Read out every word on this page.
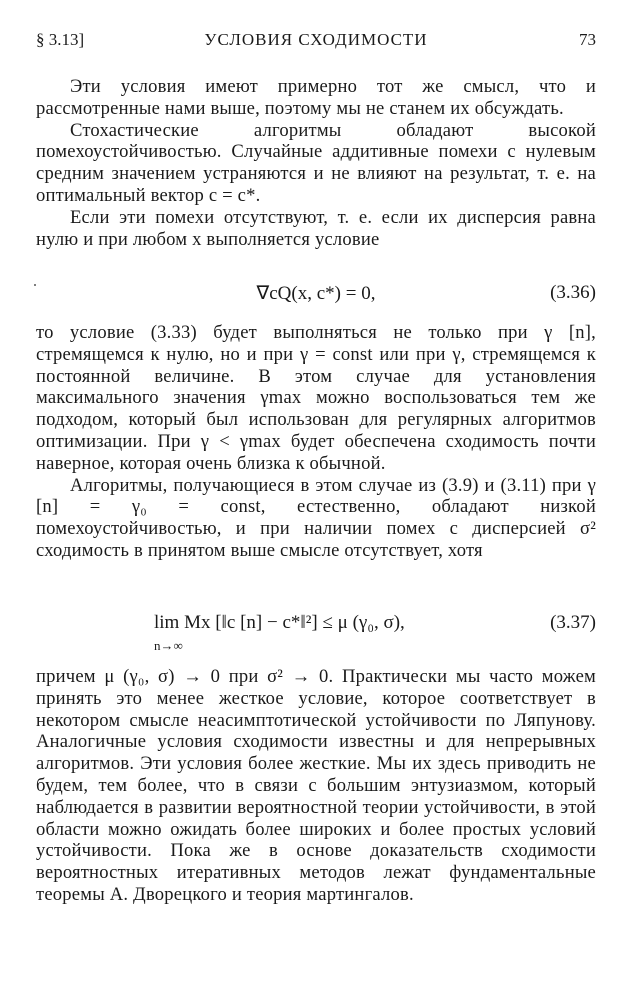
§ 3.13]	УСЛОВИЯ СХОДИМОСТИ	73

Эти условия имеют примерно тот же смысл, что и рассмотренные нами выше, поэтому мы не станем их обсуждать.

Стохастические алгоритмы обладают высокой помехоустойчивостью. Случайные аддитивные помехи с нулевым средним значением устраняются и не влияют на результат, т. е. на оптимальный вектор c = c*.

Если эти помехи отсутствуют, т. е. если их дисперсия равна нулю и при любом x выполняется условие

∇cQ(x, c*) = 0,	(3.36)

то условие (3.33) будет выполняться не только при γ [n], стремящемся к нулю, но и при γ = const или при γ, стремящемся к постоянной величине. В этом случае для установления максимального значения γmax можно воспользоваться тем же подходом, который был использован для регулярных алгоритмов оптимизации. При γ < γmax будет обеспечена сходимость почти наверное, которая очень близка к обычной.

Алгоритмы, получающиеся в этом случае из (3.9) и (3.11) при γ [n] = γ₀ = const, естественно, обладают низкой помехоустойчивостью, и при наличии помех с дисперсией σ² сходимость в принятом выше смысле отсутствует, хотя

lim Mx [‖c [n] − c*‖²] ≤ μ (γ₀, σ),
n→∞
(3.37)

причем μ (γ₀, σ) → 0 при σ² → 0. Практически мы часто можем принять это менее жесткое условие, которое соответствует в некотором смысле неасимптотической устойчивости по Ляпунову. Аналогичные условия сходимости известны и для непрерывных алгоритмов. Эти условия более жесткие. Мы их здесь приводить не будем, тем более, что в связи с большим энтузиазмом, который наблюдается в развитии вероятностной теории устойчивости, в этой области можно ожидать более широких и более простых условий устойчивости. Пока же в основе доказательств сходимости вероятностных итеративных методов лежат фундаментальные теоремы А. Дворецкого и теория мартингалов.
